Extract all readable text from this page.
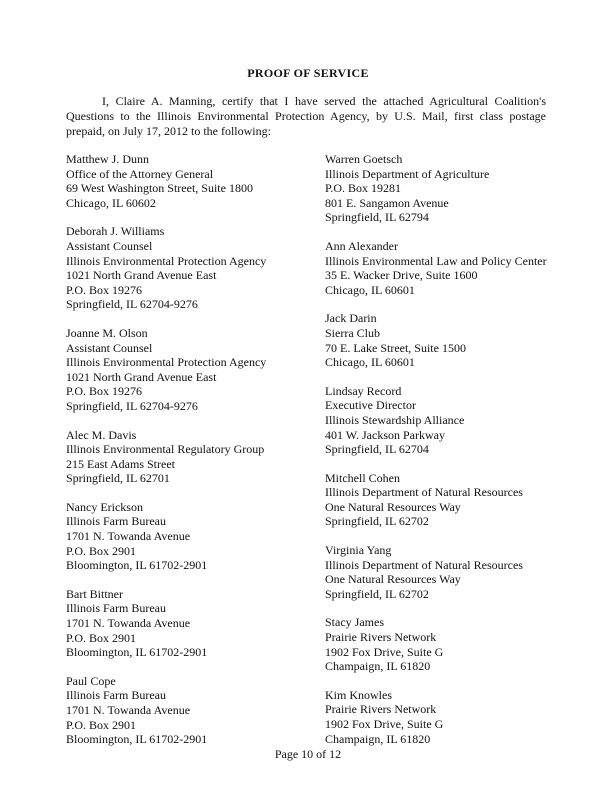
PROOF OF SERVICE
I, Claire A. Manning, certify that I have served the attached Agricultural Coalition's Questions to the Illinois Environmental Protection Agency, by U.S. Mail, first class postage prepaid, on July 17, 2012 to the following:
Matthew J. Dunn
Office of the Attorney General
69 West Washington Street, Suite 1800
Chicago, IL 60602
Deborah J. Williams
Assistant Counsel
Illinois Environmental Protection Agency
1021 North Grand Avenue East
P.O. Box 19276
Springfield, IL 62704-9276
Joanne M. Olson
Assistant Counsel
Illinois Environmental Protection Agency
1021 North Grand Avenue East
P.O. Box 19276
Springfield, IL 62704-9276
Alec M. Davis
Illinois Environmental Regulatory Group
215 East Adams Street
Springfield, IL 62701
Nancy Erickson
Illinois Farm Bureau
1701 N. Towanda Avenue
P.O. Box 2901
Bloomington, IL 61702-2901
Bart Bittner
Illinois Farm Bureau
1701 N. Towanda Avenue
P.O. Box 2901
Bloomington, IL 61702-2901
Paul Cope
Illinois Farm Bureau
1701 N. Towanda Avenue
P.O. Box 2901
Bloomington, IL 61702-2901
Warren Goetsch
Illinois Department of Agriculture
P.O. Box 19281
801 E. Sangamon Avenue
Springfield, IL 62794
Ann Alexander
Illinois Environmental Law and Policy Center
35 E. Wacker Drive, Suite 1600
Chicago, IL 60601
Jack Darin
Sierra Club
70 E. Lake Street, Suite 1500
Chicago, IL 60601
Lindsay Record
Executive Director
Illinois Stewardship Alliance
401 W. Jackson Parkway
Springfield, IL 62704
Mitchell Cohen
Illinois Department of Natural Resources
One Natural Resources Way
Springfield, IL 62702
Virginia Yang
Illinois Department of Natural Resources
One Natural Resources Way
Springfield, IL 62702
Stacy James
Prairie Rivers Network
1902 Fox Drive, Suite G
Champaign, IL 61820
Kim Knowles
Prairie Rivers Network
1902 Fox Drive, Suite G
Champaign, IL 61820
Page 10 of 12
